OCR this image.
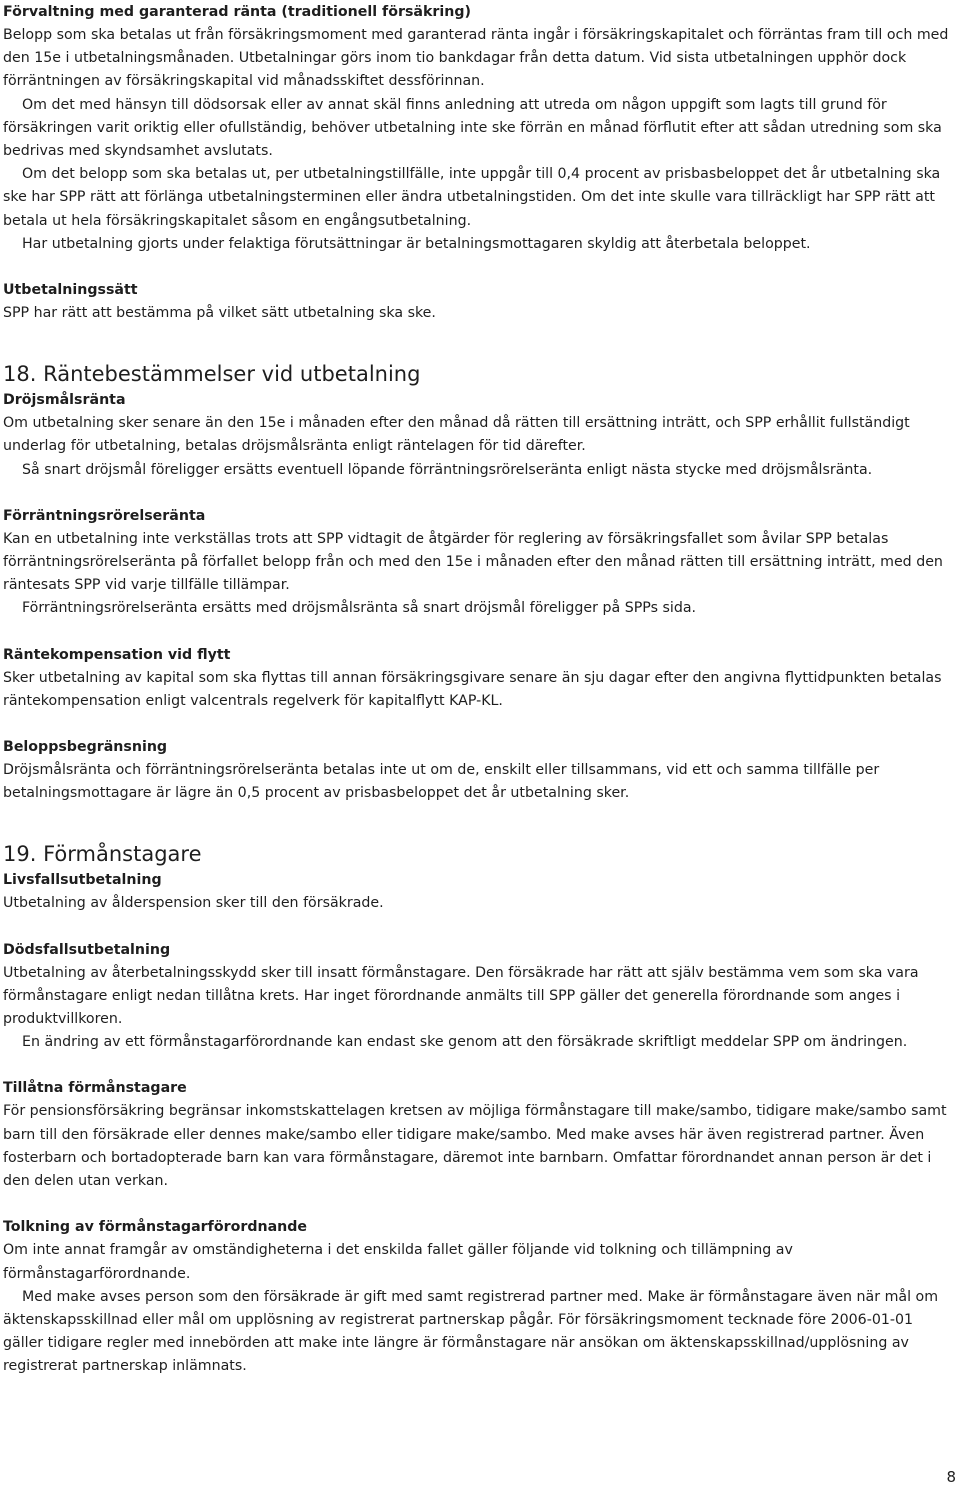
Förvaltning med garanterad ränta (traditionell försäkring)

Belopp som ska betalas ut från försäkringsmoment med garanterad ränta ingår i försäkringskapitalet och förräntas fram till och med den 15e i utbetalningsmånaden. Utbetalningar görs inom tio bankdagar från detta datum. Vid sista utbetalningen upphör dock förräntningen av försäkringskapital vid månadsskiftet dessförinnan.

Om det med hänsyn till dödsorsak eller av annat skäl finns anledning att utreda om någon uppgift som lagts till grund för försäkringen varit oriktig eller ofullständig, behöver utbetalning inte ske förrän en månad förflutit efter att sådan utredning som ska bedrivas med skyndsamhet avslutats.

Om det belopp som ska betalas ut, per utbetalningstillfälle, inte uppgår till 0,4 procent av prisbasbeloppet det år utbetalning ska ske har SPP rätt att förlänga utbetalningsterminen eller ändra utbetalningstiden. Om det inte skulle vara tillräckligt har SPP rätt att betala ut hela försäkringskapitalet såsom en engångsutbetalning.

Har utbetalning gjorts under felaktiga förutsättningar är betalningsmottagaren skyldig att återbetala beloppet.

Utbetalningssätt

SPP har rätt att bestämma på vilket sätt utbetalning ska ske.

18. Räntebestämmelser vid utbetalning

Dröjsmålsränta

Om utbetalning sker senare än den 15e i månaden efter den månad då rätten till ersättning inträtt, och SPP erhållit fullständigt underlag för utbetalning, betalas dröjsmålsränta enligt räntelagen för tid därefter.

Så snart dröjsmål föreligger ersätts eventuell löpande förräntningsrörelseränta enligt nästa stycke med dröjsmålsränta.

Förräntningsrörelseränta

Kan en utbetalning inte verkställas trots att SPP vidtagit de åtgärder för reglering av försäkringsfallet som åvilar SPP betalas förräntningsrörelseränta på förfallet belopp från och med den 15e i månaden efter den månad rätten till ersättning inträtt, med den räntesats SPP vid varje tillfälle tillämpar.

Förräntningsrörelseränta ersätts med dröjsmålsränta så snart dröjsmål föreligger på SPPs sida.

Räntekompensation vid flytt

Sker utbetalning av kapital som ska flyttas till annan försäkringsgivare senare än sju dagar efter den angivna flyttidpunkten betalas räntekompensation enligt valcentrals regelverk för kapitalflytt KAP-KL.

Beloppsbegränsning

Dröjsmålsränta och förräntningsrörelseränta betalas inte ut om de, enskilt eller tillsammans, vid ett och samma tillfälle per betalningsmottagare är lägre än 0,5 procent av prisbasbeloppet det år utbetalning sker.

19. Förmånstagare

Livsfallsutbetalning

Utbetalning av ålderspension sker till den försäkrade.

Dödsfallsutbetalning

Utbetalning av återbetalningsskydd sker till insatt förmånstagare. Den försäkrade har rätt att själv bestämma vem som ska vara förmånstagare enligt nedan tillåtna krets. Har inget förordnande anmälts till SPP gäller det generella förordnande som anges i produktvillkoren.

En ändring av ett förmånstagarförordnande kan endast ske genom att den försäkrade skriftligt meddelar SPP om ändringen.

Tillåtna förmånstagare

För pensionsförsäkring begränsar inkomstskattelagen kretsen av möjliga förmånstagare till make/sambo, tidigare make/sambo samt barn till den försäkrade eller dennes make/sambo eller tidigare make/sambo. Med make avses här även registrerad partner. Även fosterbarn och bortadopterade barn kan vara förmånstagare, däremot inte barnbarn. Omfattar förordnandet annan person är det i den delen utan verkan.

Tolkning av förmånstagarförordnande

Om inte annat framgår av omständigheterna i det enskilda fallet gäller följande vid tolkning och tillämpning av förmånstagarförordnande.

Med make avses person som den försäkrade är gift med samt registrerad partner med. Make är förmånstagare även när mål om äktenskapsskillnad eller mål om upplösning av registrerat partnerskap pågår. För försäkringsmoment tecknade före 2006-01-01 gäller tidigare regler med innebörden att make inte längre är förmånstagare när ansökan om äktenskapsskillnad/upplösning av registrerat partnerskap inlämnats.

8
